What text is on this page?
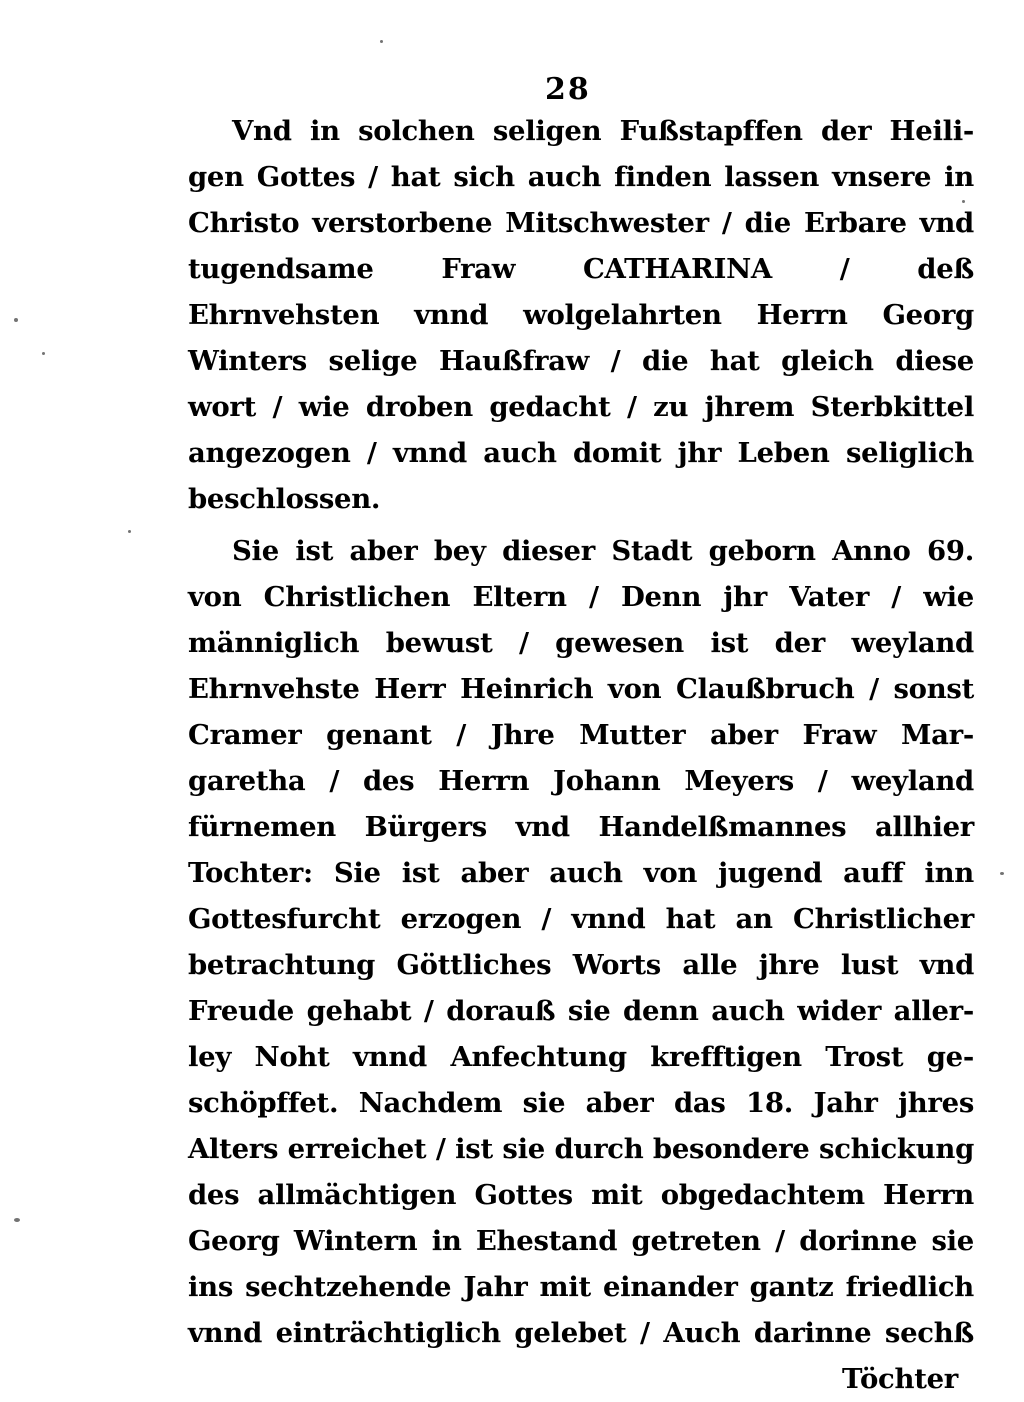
28
Vnd in solchen seligen Fußstapffen der Heili-
gen Gottes / hat sich auch finden lassen vnsere in
Christo verstorbene Mitschwester / die Erbare vnd
tugendsame Fraw CATHARINA / deß
Ehrnvehsten vnnd wolgelahrten Herrn Georg
Winters selige Haußfraw / die hat gleich diese
wort / wie droben gedacht / zu jhrem Sterbkittel
angezogen / vnnd auch domit jhr Leben seliglich
beschlossen.
Sie ist aber bey dieser Stadt geborn Anno 69.
von Christlichen Eltern / Denn jhr Vater / wie
männiglich bewust / gewesen ist der weyland
Ehrnvehste Herr Heinrich von Claußbruch / sonst
Cramer genant / Jhre Mutter aber Fraw Mar-
garetha / des Herrn Johann Meyers / weyland
fürnemen Bürgers vnd Handelßmannes allhier
Tochter: Sie ist aber auch von jugend auff inn
Gottesfurcht erzogen / vnnd hat an Christlicher
betrachtung Göttliches Worts alle jhre lust vnd
Freude gehabt / dorauß sie denn auch wider aller-
ley Noht vnnd Anfechtung krefftigen Trost ge-
schöpffet. Nachdem sie aber das 18. Jahr jhres
Alters erreichet / ist sie durch besondere schickung
des allmächtigen Gottes mit obgedachtem Herrn
Georg Wintern in Ehestand getreten / dorinne sie
ins sechtzehende Jahr mit einander gantz friedlich
vnnd einträchtiglich gelebet / Auch darinne sechß
Töchter
